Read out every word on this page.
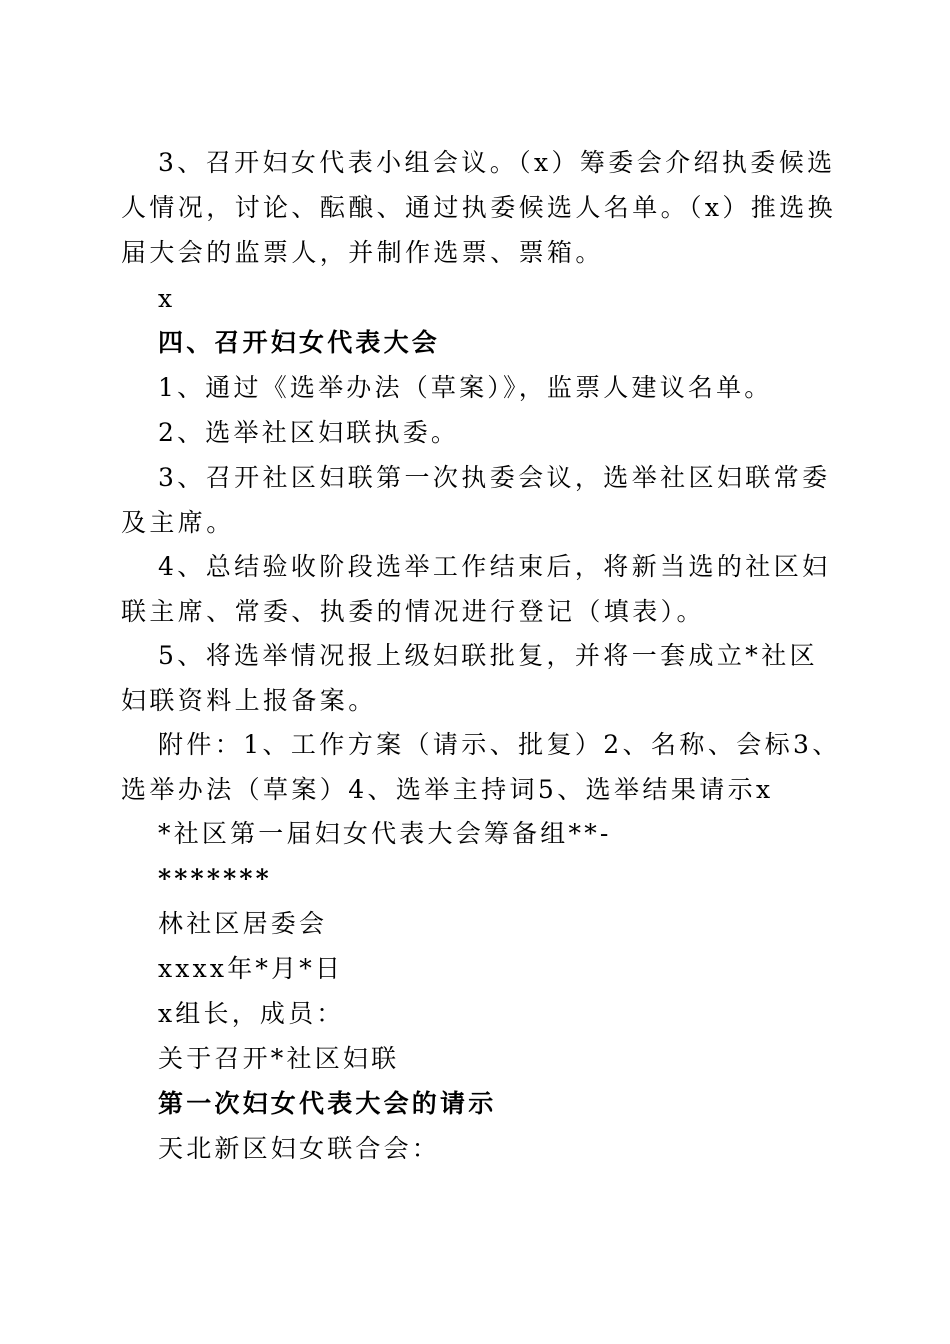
3、召开妇女代表小组会议。（x）筹委会介绍执委候选人情况，讨论、酝酿、通过执委候选人名单。（x）推选换届大会的监票人，并制作选票、票箱。

x

四、召开妇女代表大会

1、通过《选举办法（草案）》，监票人建议名单。

2、选举社区妇联执委。

3、召开社区妇联第一次执委会议，选举社区妇联常委及主席。

4、总结验收阶段选举工作结束后，将新当选的社区妇联主席、常委、执委的情况进行登记（填表）。

5、将选举情况报上级妇联批复，并将一套成立*社区妇联资料上报备案。

附件：1、工作方案（请示、批复）2、名称、会标3、选举办法（草案）4、选举主持词5、选举结果请示x

*社区第一届妇女代表大会筹备组**-

*******

林社区居委会

xxxx年*月*日

x组长，成员：

关于召开*社区妇联

第一次妇女代表大会的请示

天北新区妇女联合会：
